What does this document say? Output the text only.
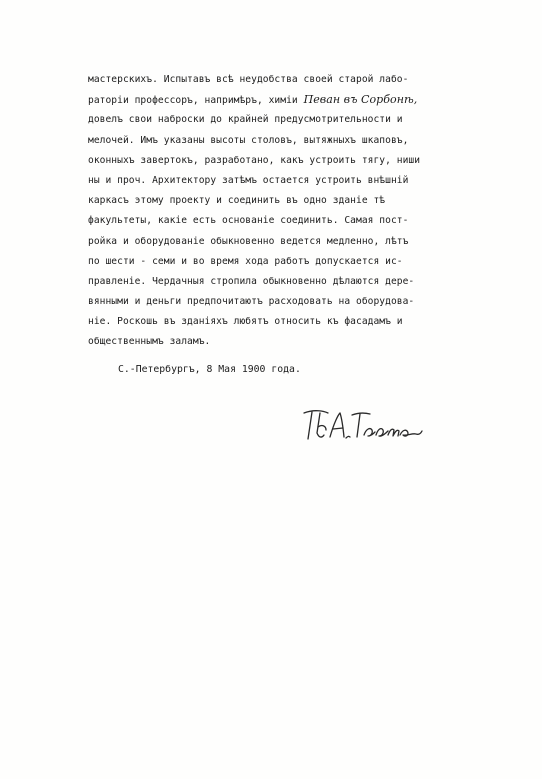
мастерскихъ. Испытавъ всѣ неудобства своей старой лабо-
раторіи профессоръ, напримѣръ, химіи Певан въ Сорбонѣ,
довелъ свои наброски до крайней предусмотрительности и
мелочей. Имъ указаны высоты столовъ, вытяжныхъ шкаповъ,
оконныхъ завертокъ, разработано, какъ устроить тягу, ниши
ны и проч. Архитектору затѣмъ остается устроить внѣшній
каркасъ этому проекту и соединить въ одно зданіе тѣ
факультеты, какіе есть основаніе соединить. Самая пост-
ройка и оборудованіе обыкновенно ведется медленно, лѣтъ
по шести - семи и во время хода работъ допускается ис-
правленіе. Чердачныя стропила обыкновенно дѣлаются дере-
вянными и деньги предпочитаютъ расходовать на оборудова-
ніе. Роскошь въ зданіяхъ любятъ относить къ фасадамъ и
общественнымъ заламъ.
С.-Петербургъ, 8 Мая 1900 года.
